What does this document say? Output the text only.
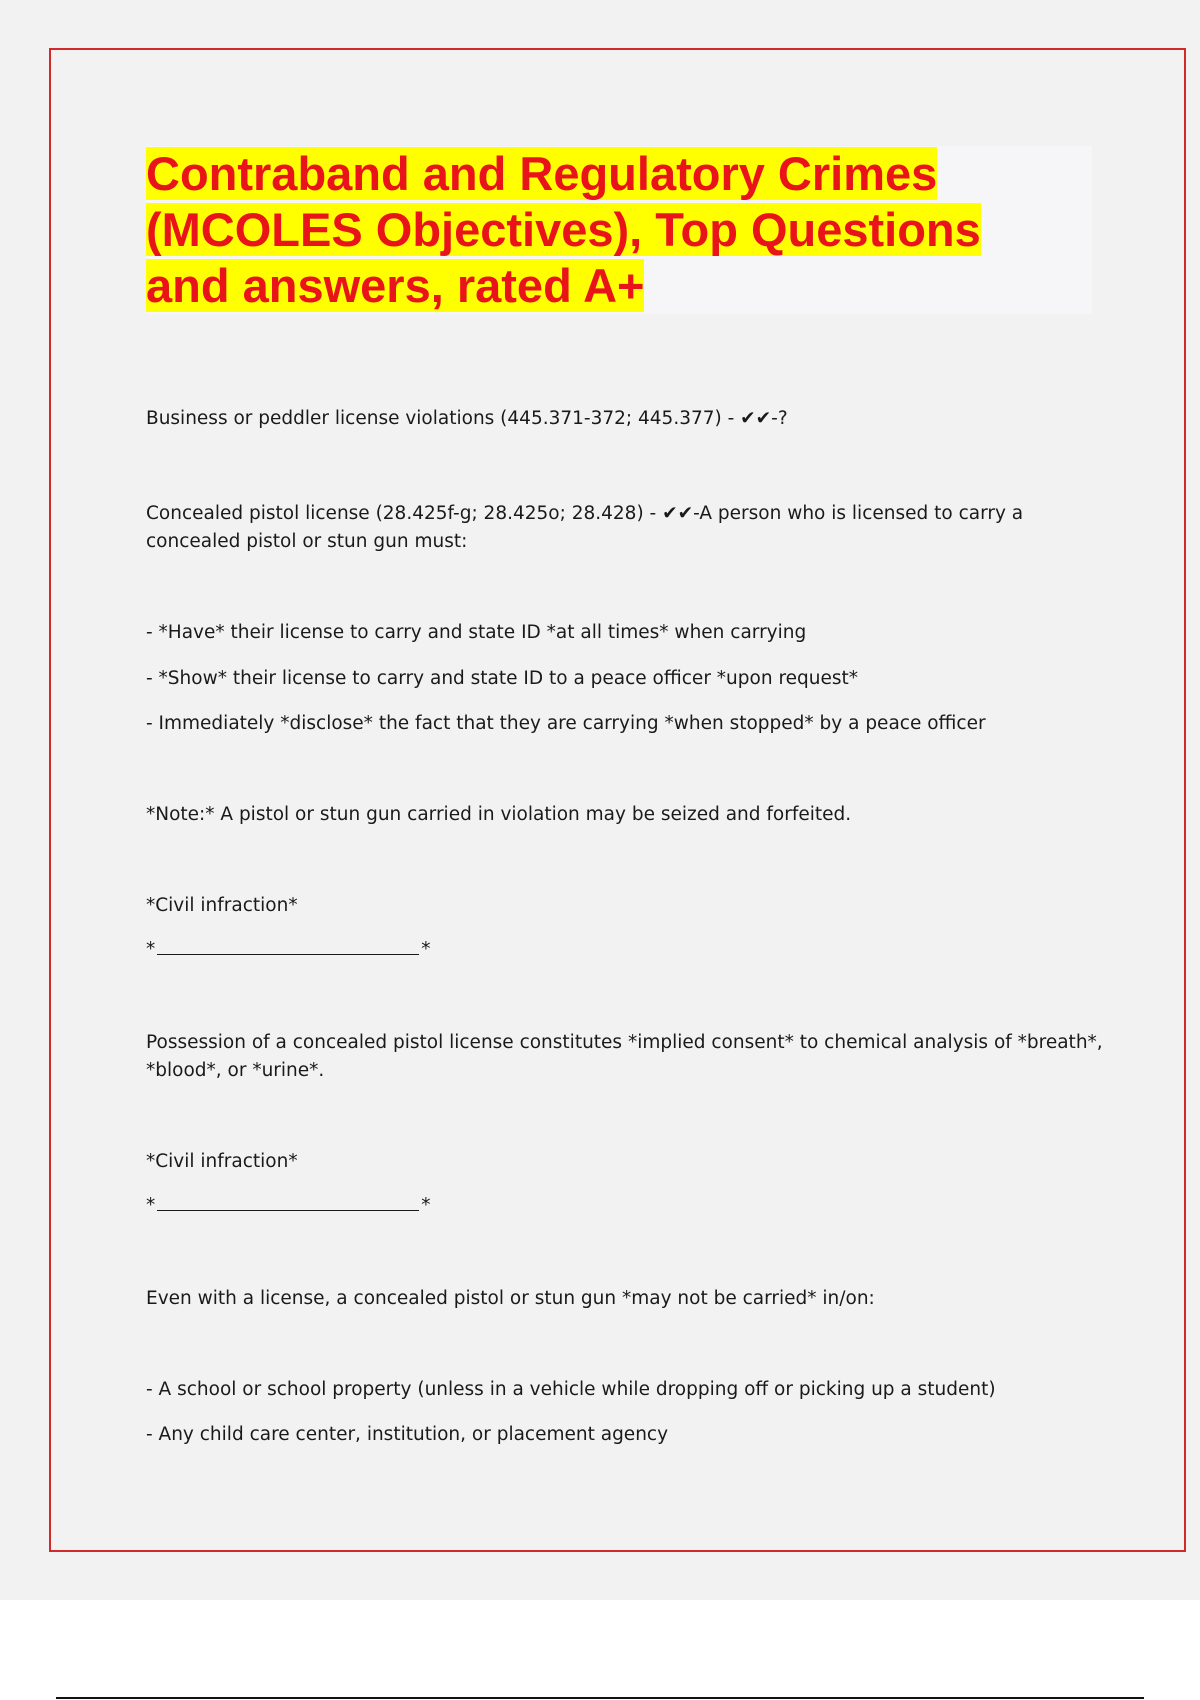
Contraband and Regulatory Crimes
(MCOLES Objectives), Top Questions
and answers, rated A+
Business or peddler license violations (445.371-372; 445.377) - ✔✔-?
Concealed pistol license (28.425f-g; 28.425o; 28.428) - ✔✔-A person who is licensed to carry a
concealed pistol or stun gun must:
- *Have* their license to carry and state ID *at all times* when carrying
- *Show* their license to carry and state ID to a peace officer *upon request*
- Immediately *disclose* the fact that they are carrying *when stopped* by a peace officer
*Note:* A pistol or stun gun carried in violation may be seized and forfeited.
*Civil infraction*
*	*
Possession of a concealed pistol license constitutes *implied consent* to chemical analysis of *breath*,
*blood*, or *urine*.
*Civil infraction*
*	*
Even with a license, a concealed pistol or stun gun *may not be carried* in/on:
- A school or school property (unless in a vehicle while dropping off or picking up a student)
- Any child care center, institution, or placement agency
